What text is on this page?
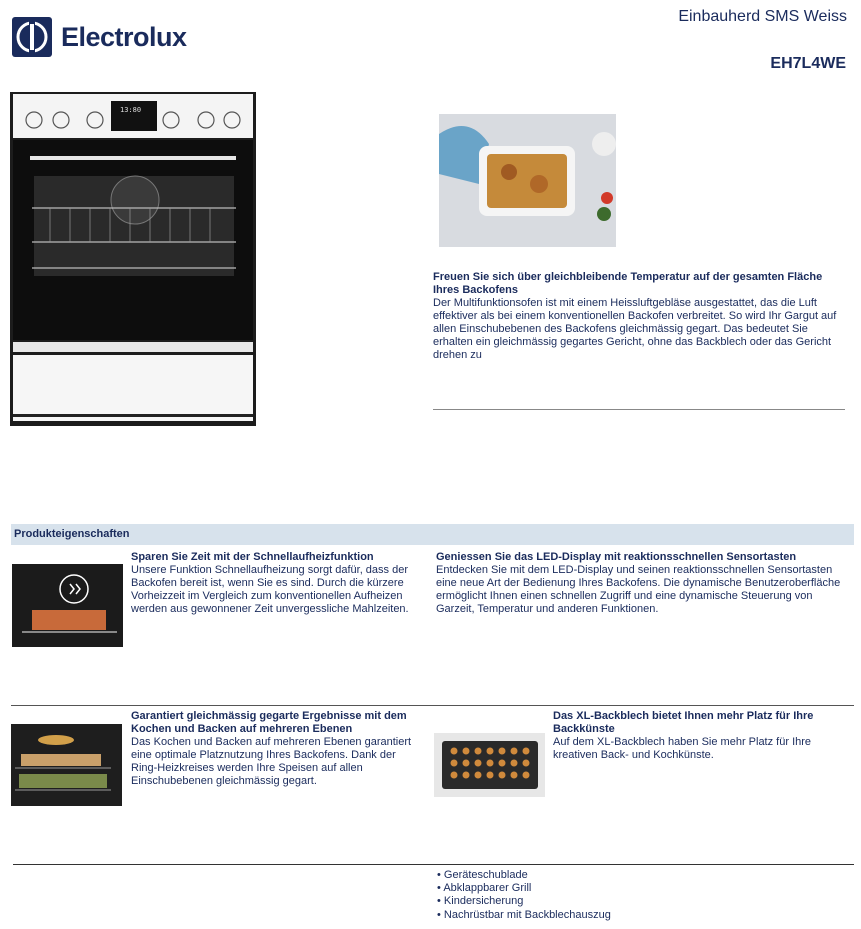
Electrolux
Einbauherd SMS Weiss
EH7L4WE
13:80
Freuen Sie sich über gleichbleibende Temperatur auf der gesamten Fläche Ihres Backofens
Der Multifunktionsofen ist mit einem Heissluftgebläse ausgestattet, das die Luft effektiver als bei einem konventionellen Backofen verbreitet. So wird Ihr Gargut auf allen Einschubebenen des Backofens gleichmässig gegart. Das bedeutet Sie erhalten ein gleichmässig gegartes Gericht, ohne das Backblech oder das Gericht drehen zu
Produkteigenschaften
Sparen Sie Zeit mit der Schnellaufheizfunktion
Unsere Funktion Schnellaufheizung sorgt dafür, dass der Backofen bereit ist, wenn Sie es sind. Durch die kürzere Vorheizzeit im Vergleich zum konventionellen Aufheizen werden aus gewonnener Zeit unvergessliche Mahlzeiten.
Geniessen Sie das LED-Display mit reaktionsschnellen Sensortasten
Entdecken Sie mit dem LED-Display und seinen reaktionsschnellen Sensortasten eine neue Art der Bedienung Ihres Backofens. Die dynamische Benutzeroberfläche ermöglicht Ihnen einen schnellen Zugriff und eine dynamische Steuerung von Garzeit, Temperatur und anderen Funktionen.
Garantiert gleichmässig gegarte Ergebnisse mit dem Kochen und Backen auf mehreren Ebenen
Das Kochen und Backen auf mehreren Ebenen garantiert eine optimale Platznutzung Ihres Backofens. Dank der Ring-Heizkreises werden Ihre Speisen auf allen Einschubebenen gleichmässig gegart.
Das XL-Backblech bietet Ihnen mehr Platz für Ihre Backkünste
Auf dem XL-Backblech haben Sie mehr Platz für Ihre kreativen Back- und Kochkünste.
• Geräteschublade
• Abklappbarer Grill
• Kindersicherung
• Nachrüstbar mit Backblechauszug
